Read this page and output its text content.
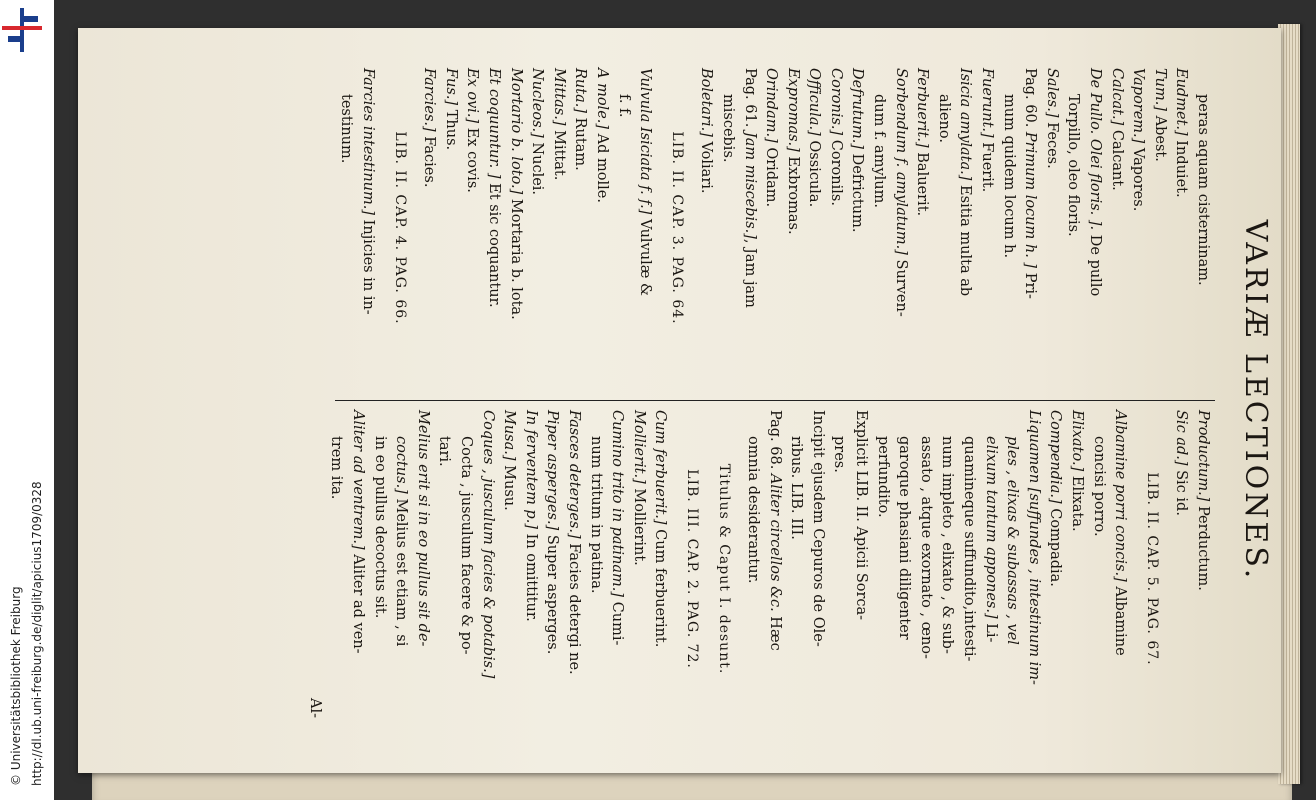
http://dl.ub.uni-freiburg.de/diglit/apicius1709/0328
© Universitätsbibliothek Freiburg
VARIÆ LECTIONES.
peras aquam cisterninam.
Eudmet.] Induiet.
Tum.] Abest.
Vaporem.] Vapores.
Calcat.] Calcant.
De Pullo. Olei floris. ]. De pullo
Torpillo, oleo floris.
Sales.] Feces.
Pag. 60. Primum locum h. ] Pri-
mum quidem locum h.
Fuerunt.] Fuerit.
Isicia amylata.] Esitia multa ab
alieno.
Ferbuerit.] Baluerit.
Sorbendum f. amylatum.] Surven-
dum f. amylum.
Defrutum.] Defrictum.
Coronis.] Coronils.
Officula.] Ossicula.
Expromas.] Exbromas.
Orindam.] Oridam.
Pag. 61. Jam miscebis.], Jam jam
miscebis.
Boletari.] Voliari.
LIB. II. CAP. 3. PAG. 64.
Vulvula Isiciata f. f.] Vulvulæ &
f. f.
A mole.] Ad molle.
Ruta.] Rutam.
Mittas.] Mittat.
Nucleos.] Nuclei.
Mortario b. loto.] Mortaria b. lota.
Et coquuntur. ] Et sic coquantur.
Ex ovi.] Ex covis.
Fus.] Thus.
Farcies.] Facies.
LIB. II. CAP. 4. PAG. 66.
Farcies intestinum.] Injicies in in-
testinum.
Productum.] Perductum.
Sic ad.] Sic id.
LIB. II. CAP. 5. PAG. 67.
Albamine porri concis.] Albamine
concisi porro.
Elixato.] Elixata.
Compendia.] Compadia.
Liquamen [suffundes , intestinum im-
ples , elixas & subassas , vel
elixum tantum appones.] Li-
quamineque suffundito,intesti-
num impleto , elixato , & sub-
assato , atque exornato , œno-
garoque phasiani diligenter
perfundito.
Explicit LIB. II. Apicii Sorca-
pres.
Incipit ejusdem Cepuros de Ole-
ribus. LIB. III.
Pag. 68. Aliter circellos &c. Hæc
omnia desiderantur.
Titulus & Caput I. desunt.
LIB. III. CAP. 2. PAG. 72.
Cum ferbuerit.] Cum ferbuerint.
Mollierit.] Mollierint.
Cumino trito in patinam.] Cumi-
num tritum in patina.
Fasces deterges.] Facies detergi ne.
Piper asperges.] Super asperges.
In ferventem p.] In omittitur.
Musa.] Musu.
Coques , jusculum facies & potabis.]
Cocta , jusculum facere & po-
tari.
Melius erit si in eo pullus sit de-
coctus.] Melius est etiam , si
in eo pullus decoctus sit.
Aliter ad ventrem.] Aliter ad ven-
trem ita.
Al-
